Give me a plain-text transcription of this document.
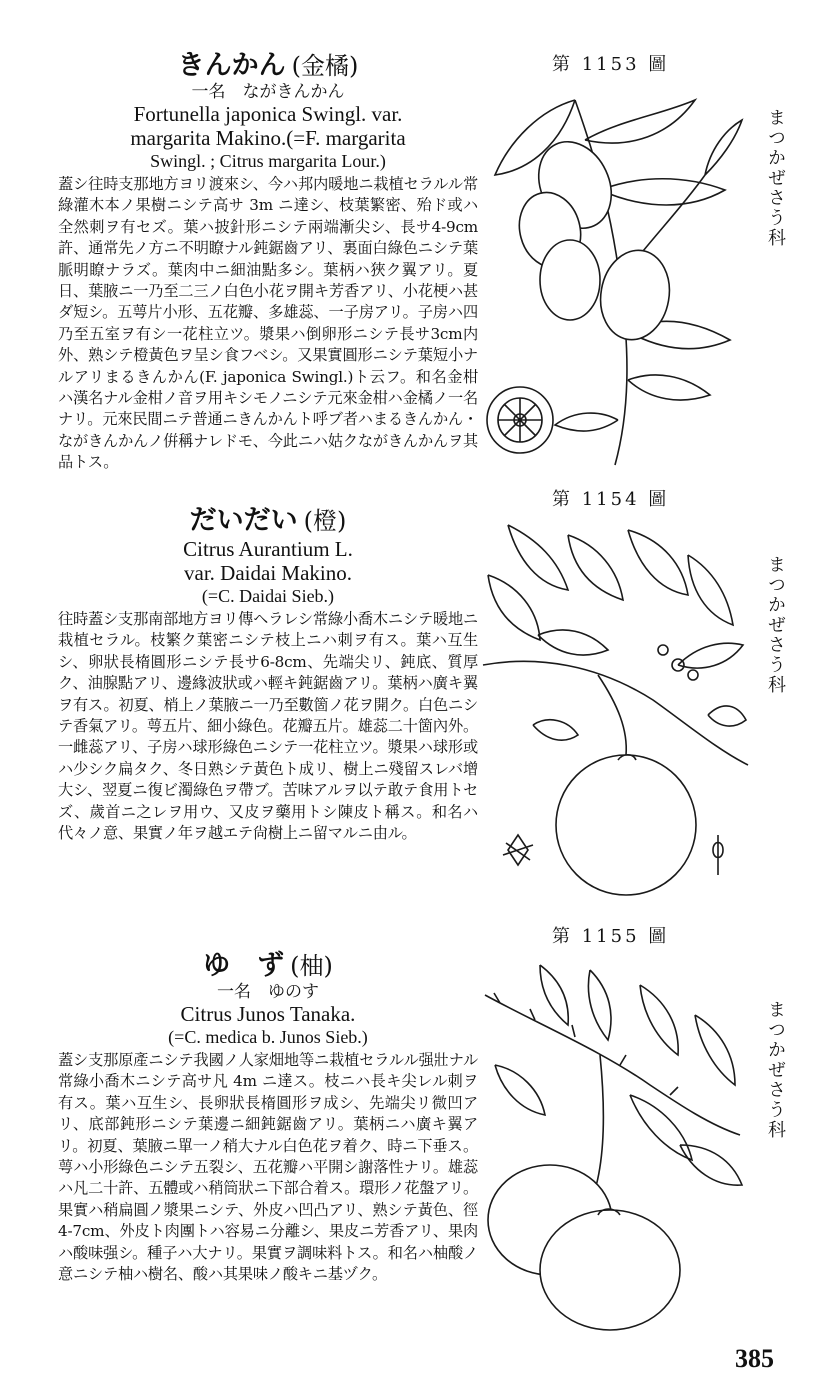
きんかん (金橘)

一名　ながきんかん

Fortunella japonica Swingl. var.

margarita Makino.(=F. margarita

Swingl. ; Citrus margarita Lour.)

蓋シ往時支那地方ヨリ渡來シ、今ハ邦内暖地ニ栽植セラルル常綠灌木本ノ果樹ニシテ高サ 3m ニ達シ、枝葉繁密、殆ド或ハ全然刺ヲ有セズ。葉ハ披針形ニシテ兩端漸尖シ、長サ4-9cm許、通常先ノ方ニ不明瞭ナル鈍鋸齒アリ、裏面白綠色ニシテ葉脈明瞭ナラズ。葉肉中ニ細油點多シ。葉柄ハ狹ク翼アリ。夏日、葉腋ニ一乃至二三ノ白色小花ヲ開キ芳香アリ、小花梗ハ甚ダ短シ。五萼片小形、五花瓣、多雄蕊、一子房アリ。子房ハ四乃至五室ヲ有シ一花柱立ツ。漿果ハ倒卵形ニシテ長サ3cm内外、熟シテ橙黃色ヲ呈シ食フベシ。又果實圓形ニシテ葉短小ナルアリまるきんかん(F. japonica Swingl.)ト云フ。和名金柑ハ漢名ナル金柑ノ音ヲ用キシモノニシテ元來金柑ハ金橘ノ一名ナリ。元來民間ニテ普通ニきんかんト呼ブ者ハまるきんかん・ながきんかんノ倂稱ナレドモ、今此ニハ姑クながきんかんヲ其品トス。

だいだい (橙)

Citrus Aurantium L.

var. Daidai Makino.

(=C. Daidai Sieb.)

往時蓋シ支那南部地方ヨリ傳ヘラレシ常綠小喬木ニシテ暖地ニ栽植セラル。枝繁ク葉密ニシテ枝上ニハ刺ヲ有ス。葉ハ互生シ、卵狀長楕圓形ニシテ長サ6-8cm、先端尖リ、鈍底、質厚ク、油腺點アリ、邊緣波狀或ハ輕キ鈍鋸齒アリ。葉柄ハ廣キ翼ヲ有ス。初夏、梢上ノ葉腋ニ一乃至數箇ノ花ヲ開ク。白色ニシテ香氣アリ。萼五片、細小綠色。花瓣五片。雄蕊二十箇內外。一雌蕊アリ、子房ハ球形綠色ニシテ一花柱立ツ。漿果ハ球形或ハ少シク扁タク、冬日熟シテ黃色ト成リ、樹上ニ殘留スレバ增大シ、翌夏ニ復ビ濁綠色ヲ帶ブ。苦味アルヲ以テ敢テ食用トセズ、歲首ニ之レヲ用ウ、又皮ヲ藥用トシ陳皮ト稱ス。和名ハ代々ノ意、果實ノ年ヲ越エテ尙樹上ニ留マルニ由ル。

ゆ　ず (柚)

一名　ゆのす

Citrus Junos Tanaka.

(=C. medica b. Junos Sieb.)

蓋シ支那原產ニシテ我國ノ人家畑地等ニ栽植セラルル强壯ナル常綠小喬木ニシテ高サ凡 4m ニ達ス。枝ニハ長キ尖レル刺ヲ有ス。葉ハ互生シ、長卵狀長楕圓形ヲ成シ、先端尖リ微凹アリ、底部鈍形ニシテ葉邊ニ細鈍鋸齒アリ。葉柄ニハ廣キ翼アリ。初夏、葉腋ニ單一ノ稍大ナル白色花ヲ着ク、時ニ下垂ス。萼ハ小形綠色ニシテ五裂シ、五花瓣ハ平開シ謝落性ナリ。雄蕊ハ凡二十許、五體或ハ稍筒狀ニ下部合着ス。環形ノ花盤アリ。果實ハ稍扁圓ノ漿果ニシテ、外皮ハ凹凸アリ、熟シテ黃色、徑4-7cm、外皮ト肉團トハ容易ニ分離シ、果皮ニ芳香アリ、果肉ハ酸味强シ。種子ハ大ナリ。果實ヲ調味料トス。和名ハ柚酸ノ意ニシテ柚ハ樹名、酸ハ其果味ノ酸キニ基ヅク。

第 1153 圖
第 1154 圖
第 1155 圖
まつかぜさう科
まつかぜさう科
まつかぜさう科
385
